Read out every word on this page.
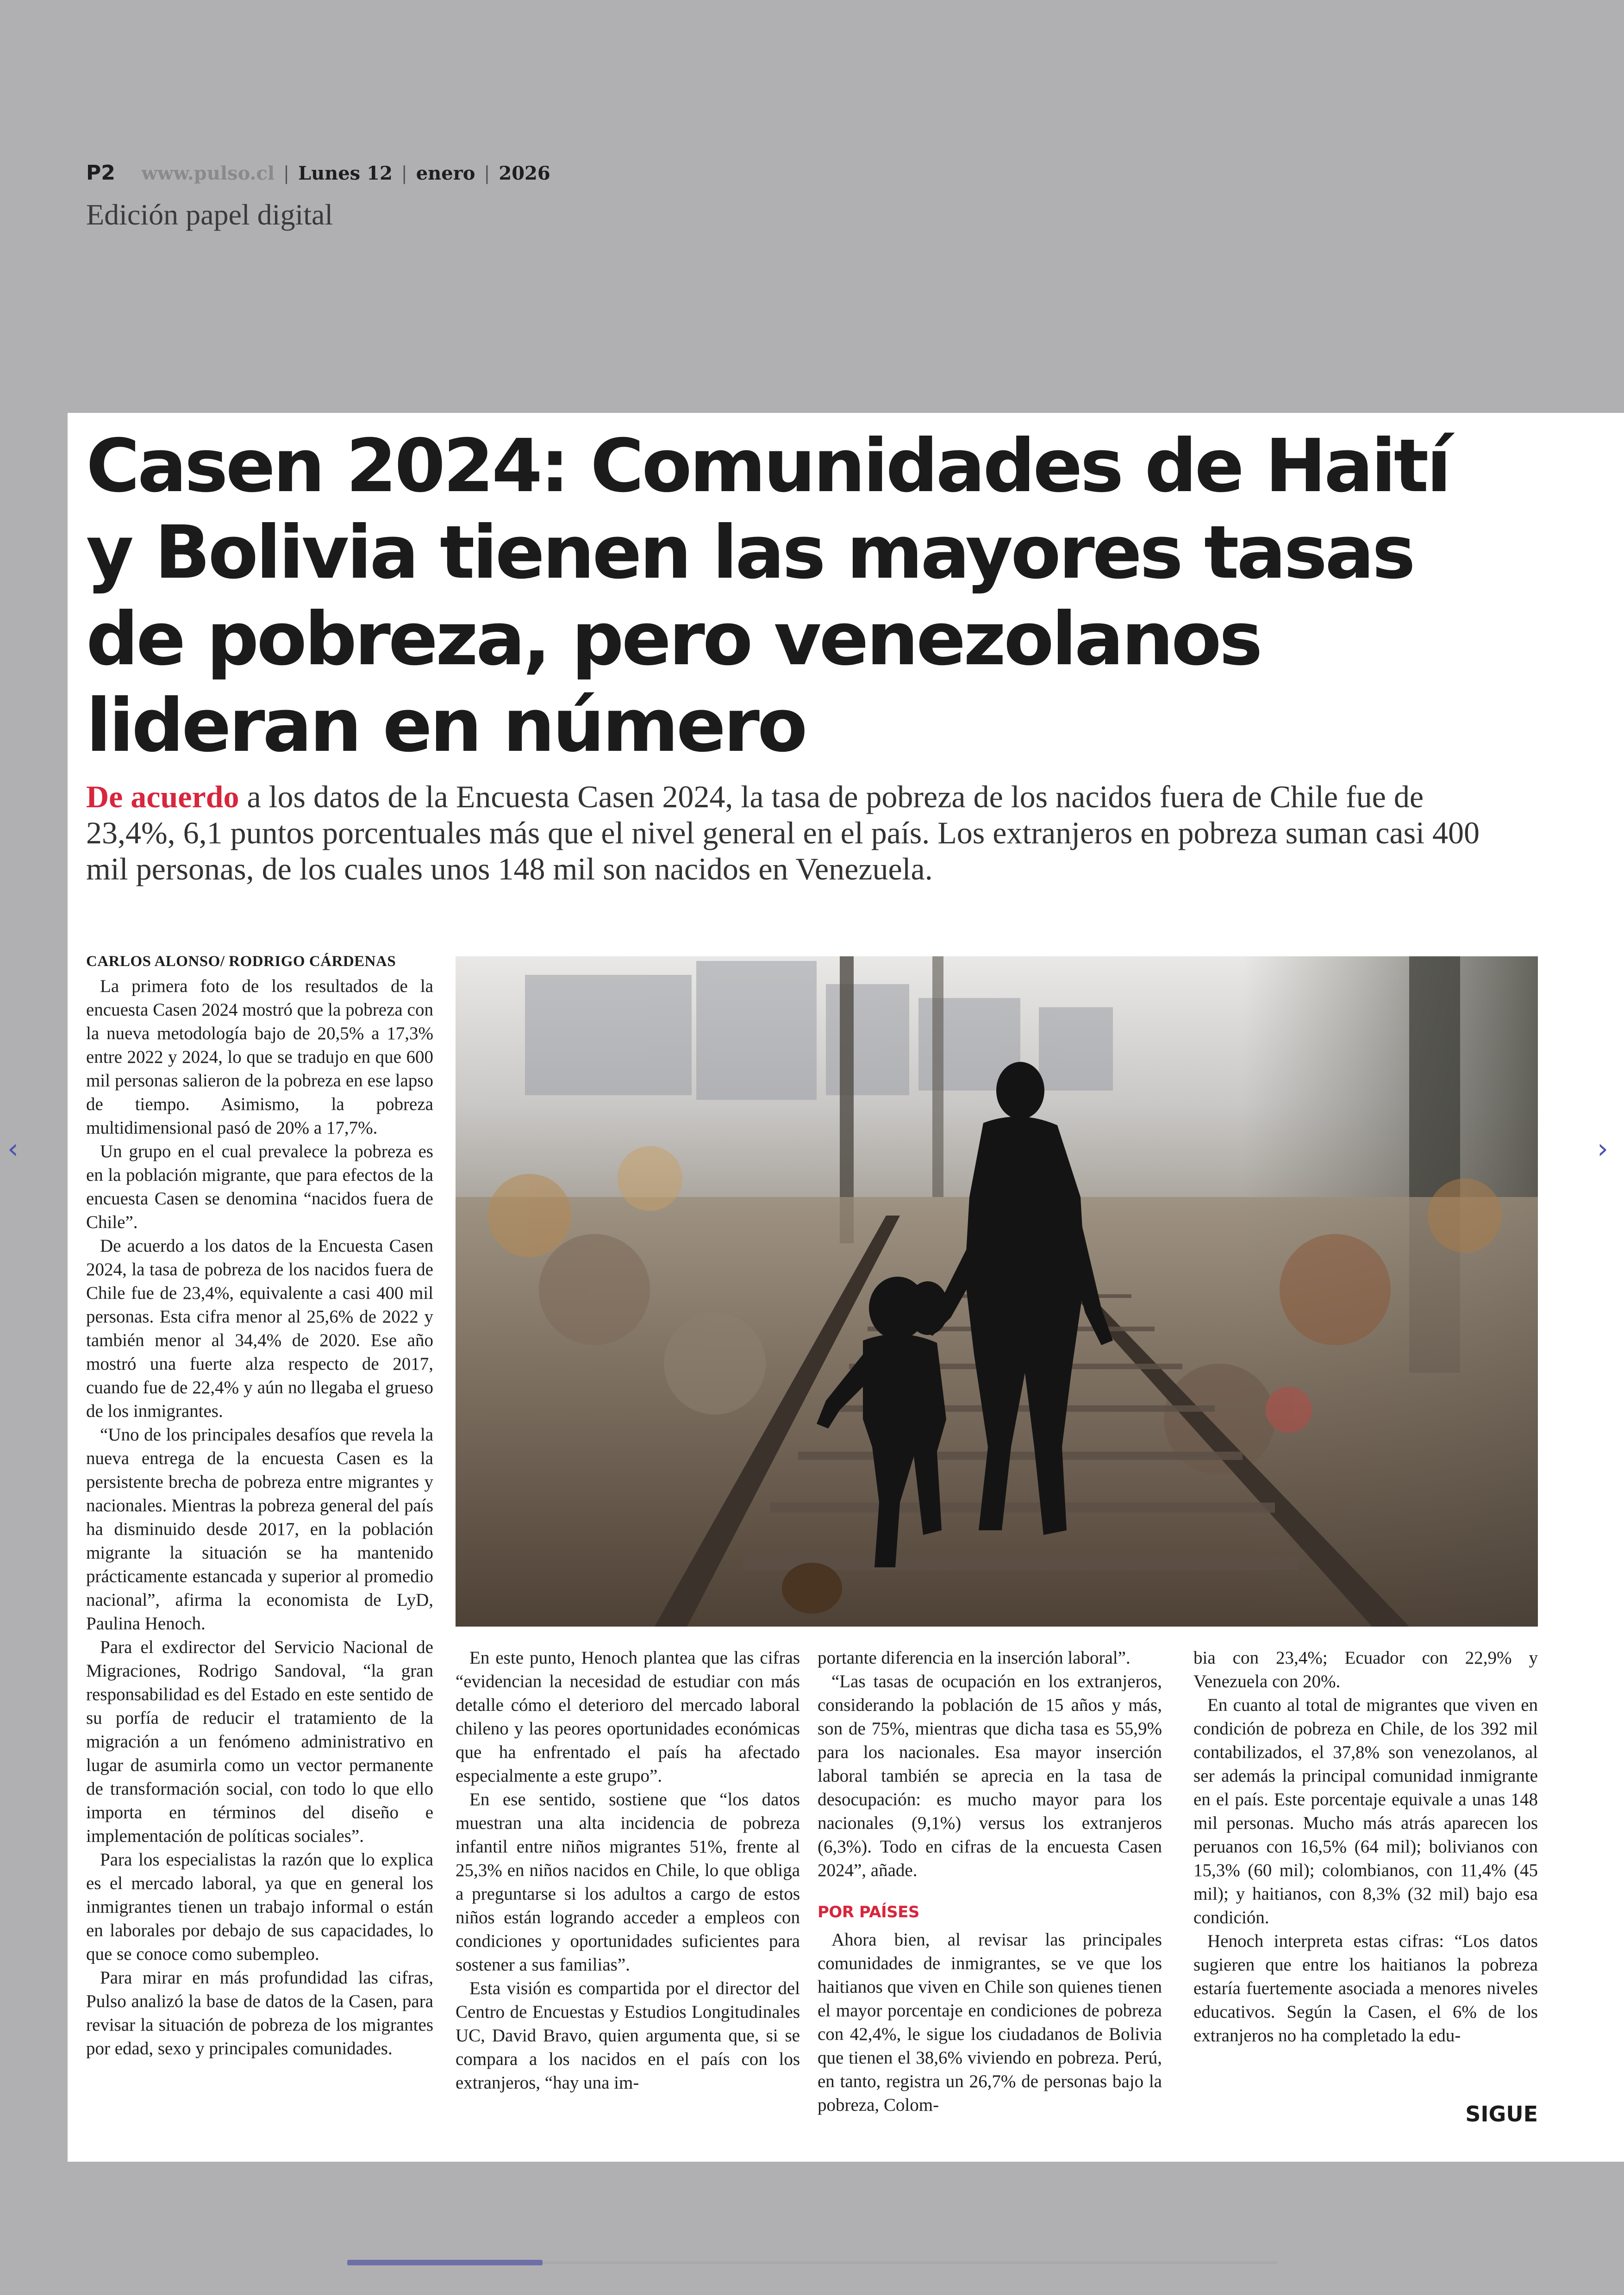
P2 www.pulso.cl | Lunes 12 | enero | 2026
Edición papel digital
Casen 2024: Comunidades de Haití y Bolivia tienen las mayores tasas de pobreza, pero venezolanos lideran en número

De acuerdo a los datos de la Encuesta Casen 2024, la tasa de pobreza de los nacidos fuera de Chile fue de 23,4%, 6,1 puntos porcentuales más que el nivel general en el país. Los extranjeros en pobreza suman casi 400 mil personas, de los cuales unos 148 mil son nacidos en Venezuela.

CARLOS ALONSO/ RODRIGO CÁRDENAS

La primera foto de los resultados de la encuesta Casen 2024 mostró que la pobreza con la nueva metodología bajo de 20,5% a 17,3% entre 2022 y 2024, lo que se tradujo en que 600 mil personas salieron de la pobreza en ese lapso de tiempo. Asimismo, la pobreza multidimensional pasó de 20% a 17,7%.

Un grupo en el cual prevalece la pobreza es en la población migrante, que para efectos de la encuesta Casen se denomina “nacidos fuera de Chile”.

De acuerdo a los datos de la Encuesta Casen 2024, la tasa de pobreza de los nacidos fuera de Chile fue de 23,4%, equivalente a casi 400 mil personas. Esta cifra menor al 25,6% de 2022 y también menor al 34,4% de 2020. Ese año mostró una fuerte alza respecto de 2017, cuando fue de 22,4% y aún no llegaba el grueso de los inmigrantes.

“Uno de los principales desafíos que revela la nueva entrega de la encuesta Casen es la persistente brecha de pobreza entre migrantes y nacionales. Mientras la pobreza general del país ha disminuido desde 2017, en la población migrante la situación se ha mantenido prácticamente estancada y superior al promedio nacional”, afirma la economista de LyD, Paulina Henoch.

Para el exdirector del Servicio Nacional de Migraciones, Rodrigo Sandoval, “la gran responsabilidad es del Estado en este sentido de su porfía de reducir el tratamiento de la migración a un fenómeno administrativo en lugar de asumirla como un vector permanente de transformación social, con todo lo que ello importa en términos del diseño e implementación de políticas sociales”.

Para los especialistas la razón que lo explica es el mercado laboral, ya que en general los inmigrantes tienen un trabajo informal o están en laborales por debajo de sus capacidades, lo que se conoce como subempleo.

Para mirar en más profundidad las cifras, Pulso analizó la base de datos de la Casen, para revisar la situación de pobreza de los migrantes por edad, sexo y principales comunidades.

En este punto, Henoch plantea que las cifras “evidencian la necesidad de estudiar con más detalle cómo el deterioro del mercado laboral chileno y las peores oportunidades económicas que ha enfrentado el país ha afectado especialmente a este grupo”.

En ese sentido, sostiene que “los datos muestran una alta incidencia de pobreza infantil entre niños migrantes 51%, frente al 25,3% en niños nacidos en Chile, lo que obliga a preguntarse si los adultos a cargo de estos niños están logrando acceder a empleos con condiciones y oportunidades suficientes para sostener a sus familias”.

Esta visión es compartida por el director del Centro de Encuestas y Estudios Longitudinales UC, David Bravo, quien argumenta que, si se compara a los nacidos en el país con los extranjeros, “hay una im-

portante diferencia en la inserción laboral”.

“Las tasas de ocupación en los extranjeros, considerando la población de 15 años y más, son de 75%, mientras que dicha tasa es 55,9% para los nacionales. Esa mayor inserción laboral también se aprecia en la tasa de desocupación: es mucho mayor para los nacionales (9,1%) versus los extranjeros (6,3%). Todo en cifras de la encuesta Casen 2024”, añade.

POR PAÍSES

Ahora bien, al revisar las principales comunidades de inmigrantes, se ve que los haitianos que viven en Chile son quienes tienen el mayor porcentaje en condiciones de pobreza con 42,4%, le sigue los ciudadanos de Bolivia que tienen el 38,6% viviendo en pobreza. Perú, en tanto, registra un 26,7% de personas bajo la pobreza, Colom-

bia con 23,4%; Ecuador con 22,9% y Venezuela con 20%.

En cuanto al total de migrantes que viven en condición de pobreza en Chile, de los 392 mil contabilizados, el 37,8% son venezolanos, al ser además la principal comunidad inmigrante en el país. Este porcentaje equivale a unas 148 mil personas. Mucho más atrás aparecen los peruanos con 16,5% (64 mil); bolivianos con 15,3% (60 mil); colombianos, con 11,4% (45 mil); y haitianos, con 8,3% (32 mil) bajo esa condición.

Henoch interpreta estas cifras: “Los datos sugieren que entre los haitianos la pobreza estaría fuertemente asociada a menores niveles educativos. Según la Casen, el 6% de los extranjeros no ha completado la edu-

SIGUE
‹	›
